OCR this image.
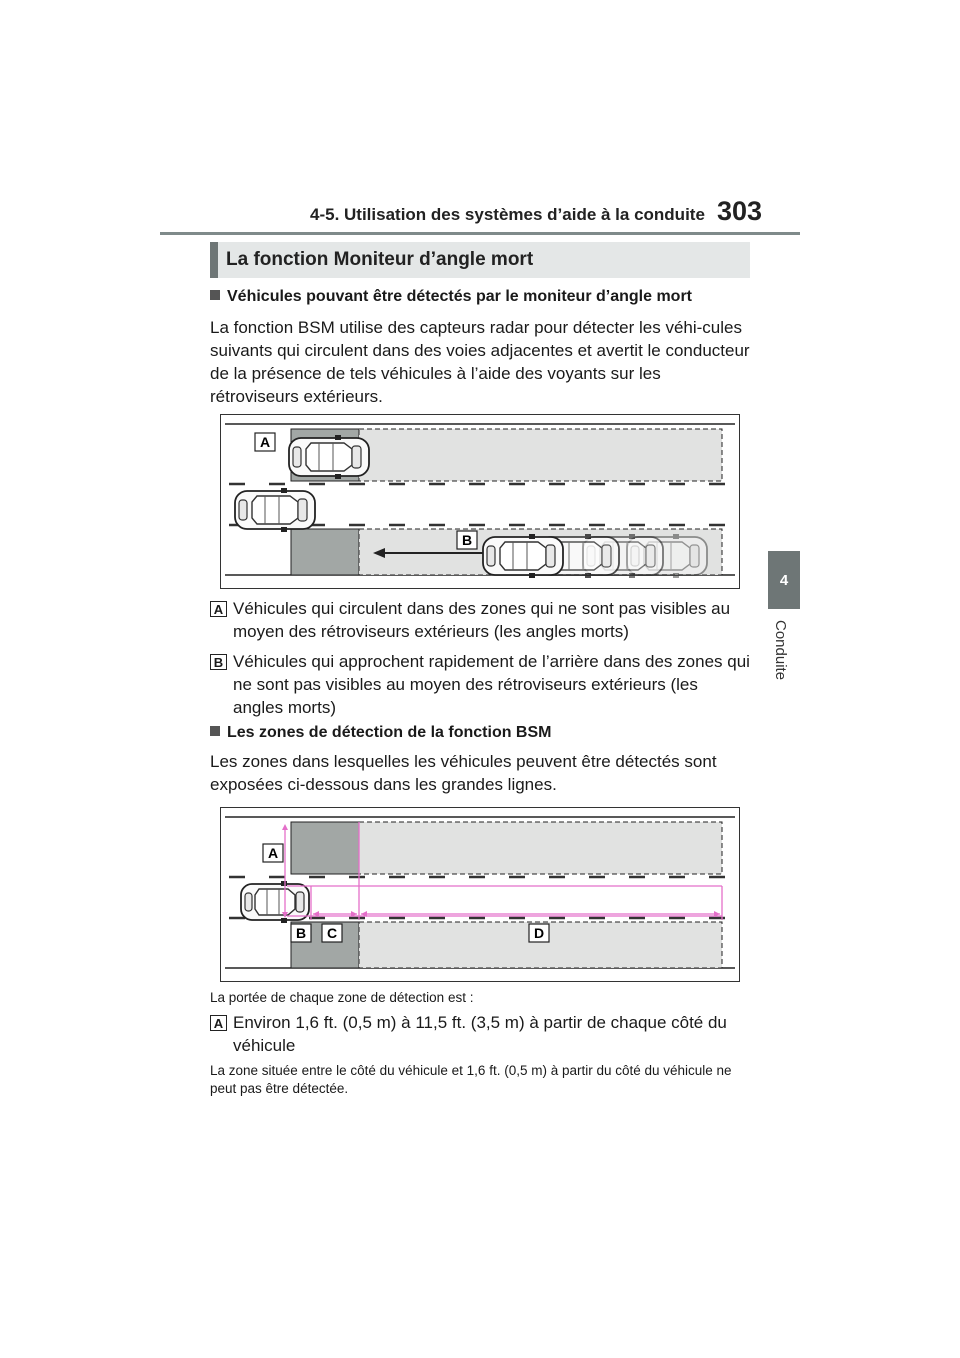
4-5. Utilisation des systèmes d’aide à la conduite 303
4
Conduite
La fonction Moniteur d’angle mort
Véhicules pouvant être détectés par le moniteur d’angle mort

La fonction BSM utilise des capteurs radar pour détecter les véhi-cules suivants qui circulent dans des voies adjacentes et avertit le conducteur de la présence de tels véhicules à l’aide des voyants sur les rétroviseurs extérieurs.

A
B
A Véhicules qui circulent dans des zones qui ne sont pas visibles au moyen des rétroviseurs extérieurs (les angles morts)

B Véhicules qui approchent rapidement de l’arrière dans des zones qui ne sont pas visibles au moyen des rétroviseurs extérieurs (les angles morts)

Les zones de détection de la fonction BSM

Les zones dans lesquelles les véhicules peuvent être détectés sont exposées ci-dessous dans les grandes lignes.

A
B C	D

La portée de chaque zone de détection est :

A Environ 1,6 ft. (0,5 m) à 11,5 ft. (3,5 m) à partir de chaque côté du véhicule

La zone située entre le côté du véhicule et 1,6 ft. (0,5 m) à partir du côté du véhicule ne peut pas être détectée.
